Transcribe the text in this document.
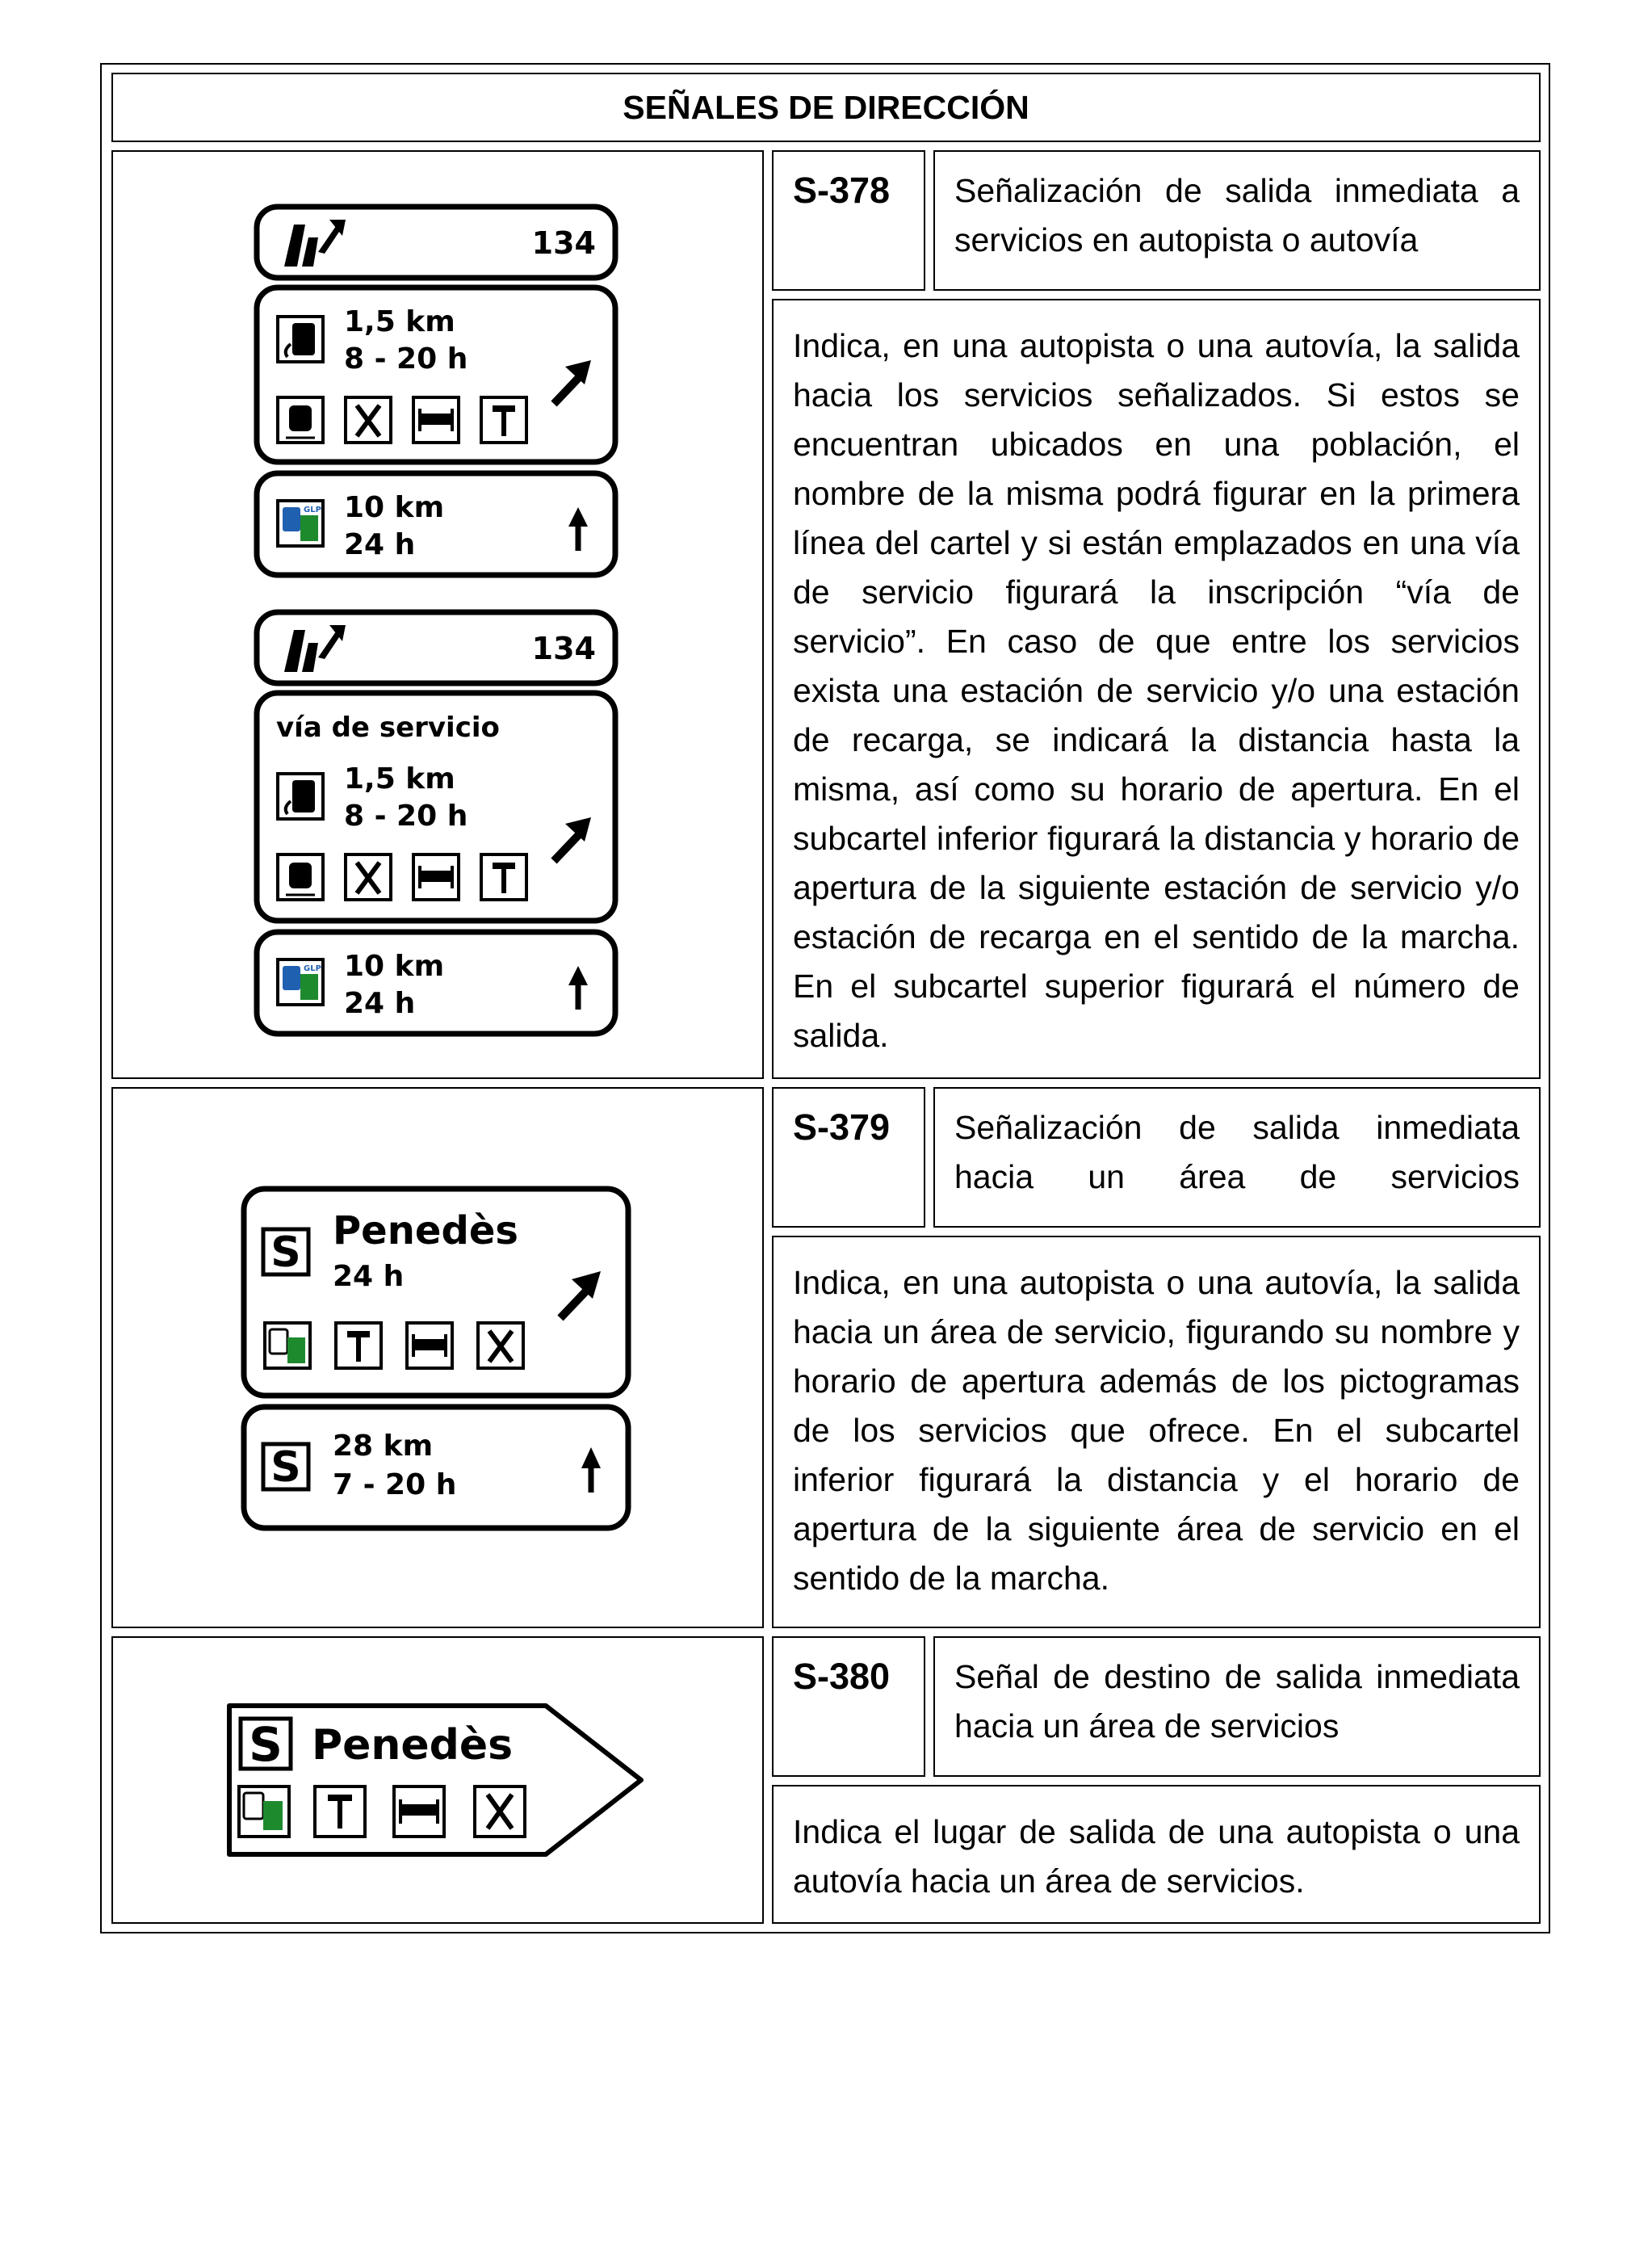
SEÑALES DE DIRECCIÓN
S-378	Señalización de salida inmediata a servicios en autopista o autovía
Indica, en una autopista o una autovía, la salida hacia los servicios señalizados. Si estos se encuentran ubicados en una población, el nombre de la misma podrá figurar en la primera línea del cartel y si están emplazados en una vía de servicio figurará la inscripción “vía de servicio”. En caso de que entre los servicios exista una estación de servicio y/o una estación de recarga, se indicará la distancia hasta la misma, así como su horario de apertura. En el subcartel inferior figurará la distancia y horario de apertura de la siguiente estación de servicio y/o estación de recarga en el sentido de la marcha. En el subcartel superior figurará el número de salida.
S-379	Señalización de salida inmediata hacia un área de servicios
Indica, en una autopista o una autovía, la salida hacia un área de servicio, figurando su nombre y horario de apertura además de los pictogramas de los servicios que ofrece. En el subcartel inferior figurará la distancia y el horario de apertura de la siguiente área de servicio en el sentido de la marcha.
S-380	Señal de destino de salida inmediata hacia un área de servicios
Indica el lugar de salida de una autopista o una autovía hacia un área de servicios.
134
1,5 km
8 - 20 h
GLP 10 km
24 h
134
vía de servicio
1,5 km
8 - 20 h
GLP 10 km
24 h
S Penedès
24 h
S 28 km
7 - 20 h
S Penedès
